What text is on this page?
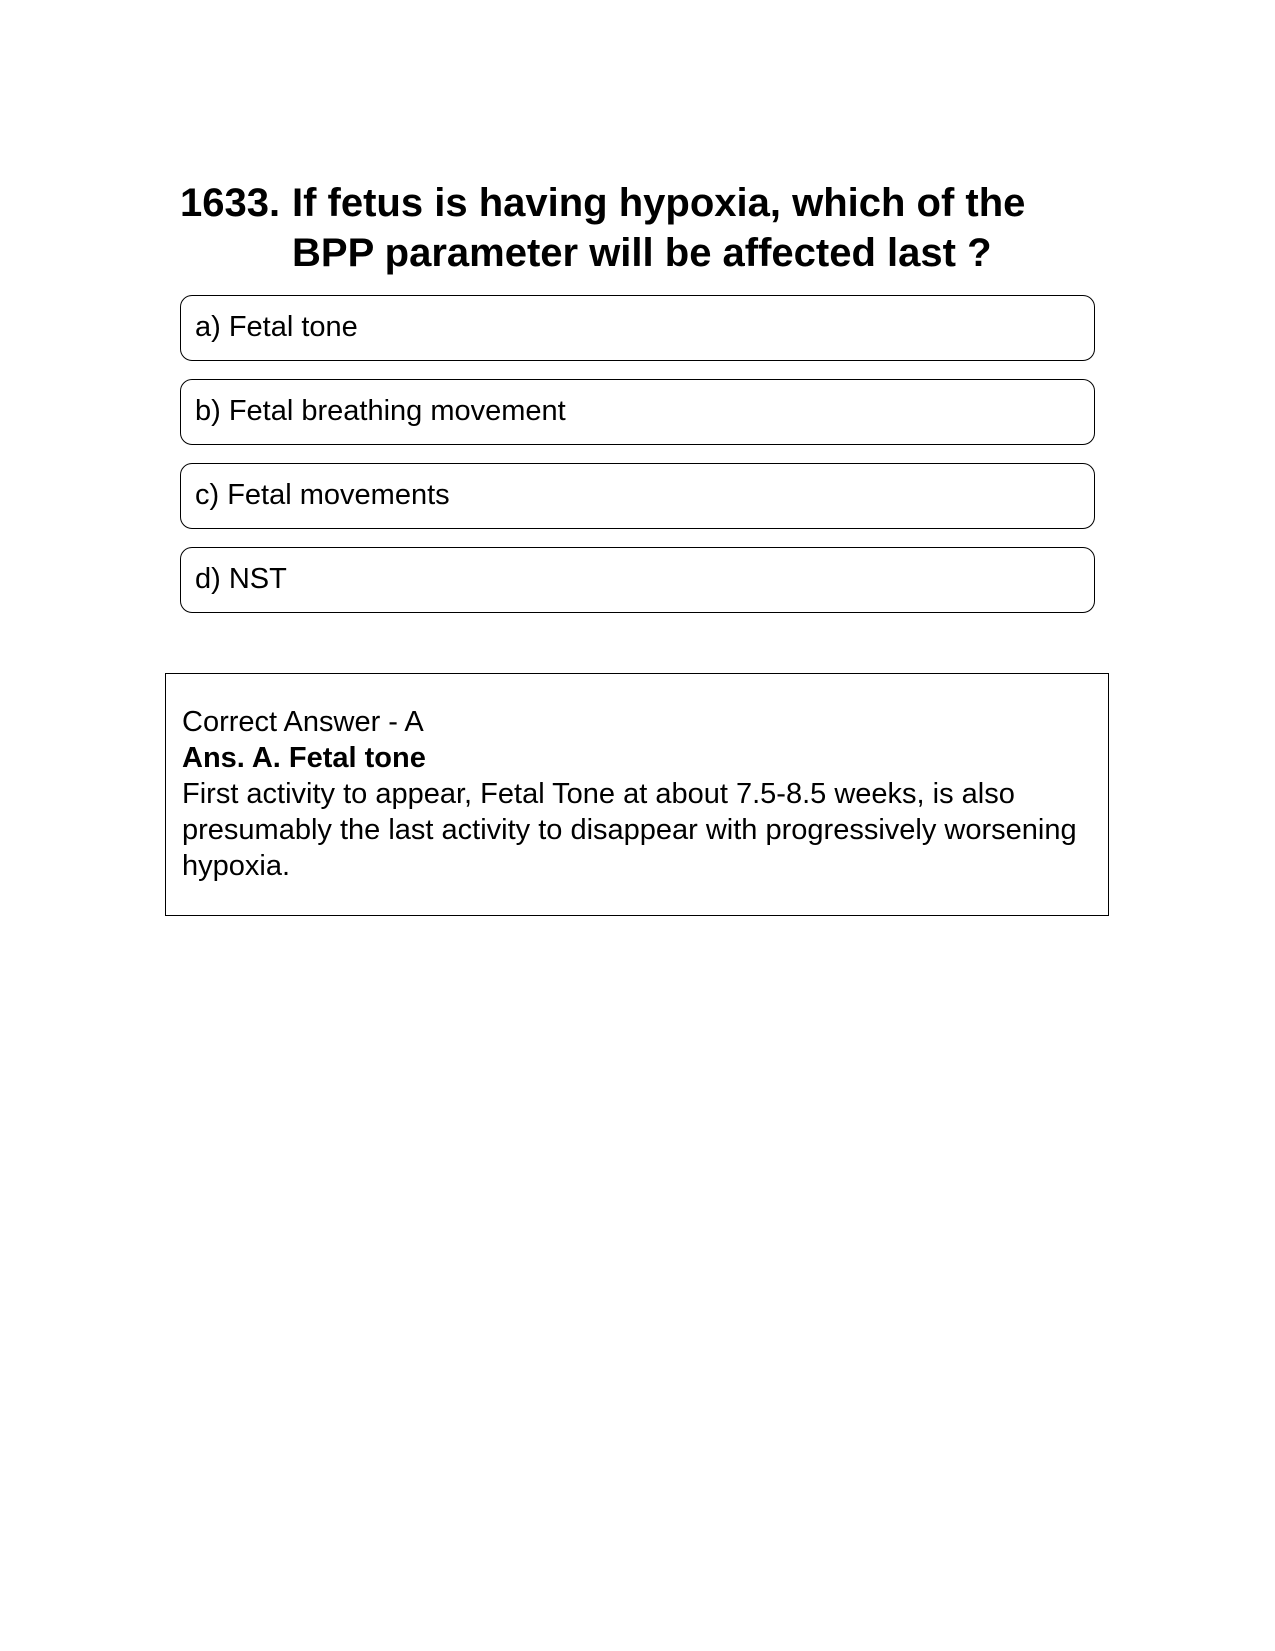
1633. If fetus is having hypoxia, which of the BPP parameter will be affected last ?
a) Fetal tone
b) Fetal breathing movement
c) Fetal movements
d) NST
Correct Answer - A
Ans. A. Fetal tone
First activity to appear, Fetal Tone at about 7.5-8.5 weeks, is also presumably the last activity to disappear with progressively worsening hypoxia.
